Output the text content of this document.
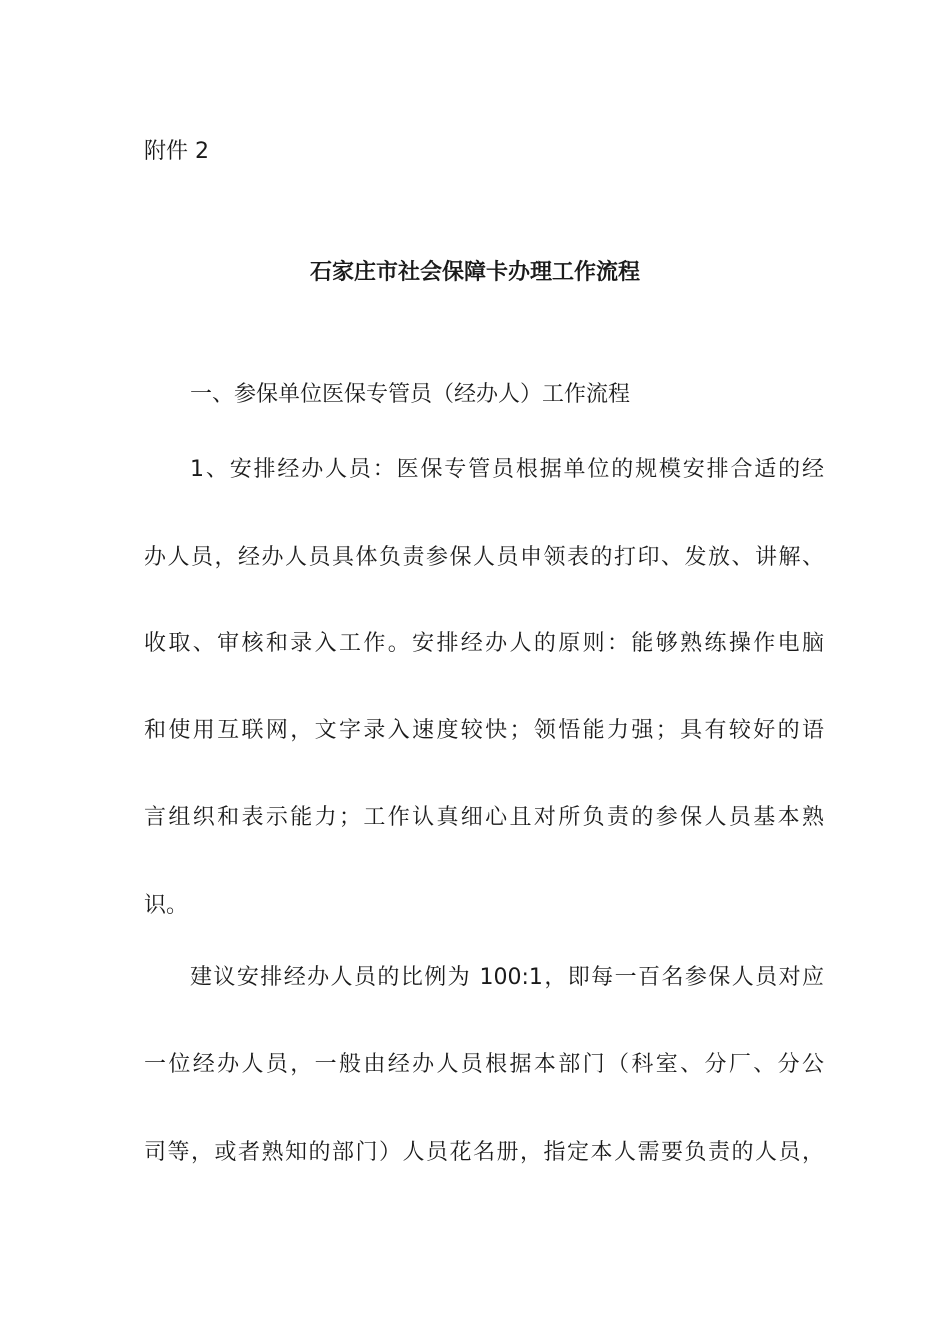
附件 2
石家庄市社会保障卡办理工作流程
一、参保单位医保专管员（经办人）工作流程
1、安排经办人员：医保专管员根据单位的规模安排合适的经
办人员，经办人员具体负责参保人员申领表的打印、发放、讲解、
收取、审核和录入工作。安排经办人的原则：能够熟练操作电脑
和使用互联网，文字录入速度较快；领悟能力强；具有较好的语
言组织和表示能力；工作认真细心且对所负责的参保人员基本熟
识。
建议安排经办人员的比例为 100:1，即每一百名参保人员对应
一位经办人员，一般由经办人员根据本部门（科室、分厂、分公
司等，或者熟知的部门）人员花名册，指定本人需要负责的人员，
